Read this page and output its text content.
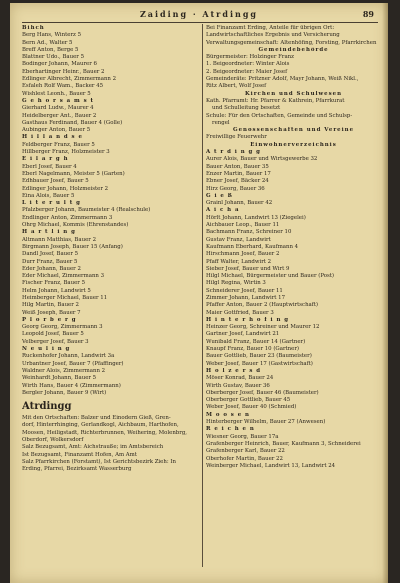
Zaiding · Atrdingg	89
Bihch
Berg Hans, Winterz 5
Bern Ad., Walter 5
Breff Anton, Berge 5
Blattner Udo., Bauer 5
Bodinger Johann, Maurer 6
Eberhartinger Heinr., Bauer 2
Edlinger Albrecht, Zimmermann 2
Esfaleh Rolf Wam., Backer 45
Wishlest Leonh., Bauer 5
G e h o r s a m s t
Gierhard Ludw., Maurer 4
Heidelberger Ant., Bauer 2
Gasthaus Ferdinand, Bauer 4 (Golle)
Aubinger Anton, Bauer 5
H i l l a n d s e
Feldberger Franz, Bauer 5
Hillberger Franz, Holzmeister 3
E i l a r g h
Eberl Josef, Bauer 4
Eberl Nagelmann, Meister 5 (Garten)
Edhbauer Josef, Bauer 5
Edlinger Johann, Holzmeister 2
Eina Alois, Bauer 5
L i t e r u l t g
Pfalzberger Johann, Baumeister 4 (Realschule)
Endlinger Anton, Zimmermann 3
Ohrg Michael, Kommis (Ehrenstandes)
H a r t l i n g
Altmann Matthias, Bauer 2
Birgmann Joseph, Bauer 15 (Anfang)
Dandl Josef, Bauer 5
Durr Franz, Bauer 5
Eder Johann, Bauer 2
Eder Michael, Zimmermann 3
Fischer Franz, Bauer 5
Helm Johann, Landwirt 5
Heimberger Michael, Bauer 11
Hilg Martin, Bauer 2
Weiß Joseph, Bauer 7
P l o r b e r g
Georg Georg, Zimmermann 3
Leopold Josef, Bauer 5
Velberger Josef, Bauer 3
N e u l i n g
Ruckenhofer Johann, Landwirt 3a
Urbantner Josef, Bauer 7 (Pfaffinger)
Waldner Alois, Zimmermann 2
Weinhardt Johann, Bauer 5
Wirth Hans, Bauer 4 (Zimmermann)
Bergler Johann, Bauer 9 (Wirt)
Atrdingg
Mit den Ortschaften: Balzer und Einodern Gieß, Gren-
dorf, Hinterrhinging, Gerlandkogl, Aichbaum, Harthofen,
Moosen, Heiligstadt, Richterbrunnen, Weihering, Molenbrg,
Oberdorf, Wolkersdorf
Salz Bezugsamt, Amt: Aichstrauße; im Amtsbereich
Ist Bezugsamt, Finanzamt Hofen, Am Amt
Salz Pfarrkirchen (Forstamt), Ist Gerichtsbezirk Zieh: In
Erding, Pfarrei, Bezirksamt Wasserburg
Bei Finanzamt Erding, Anteile für übrigen Ort:
Landwirtschaftliches Ergebnis und Versicherung
Verwaltungsgemeinschaft: Altenhöfing, Forsting, Pfarrkirchen
Gemeindebehörde
Bürgermeister: Holzinger Franz
1. Beigeordneter: Winter Alois
2. Beigeordneter: Maier Josef
Gemeinderäte: Pritzner Adolf, Mayr Johann, Weiß Nikl.,
Ritz Albert, Wolf Josef
Kirchen und Schulwesen
Kath. Pfarramt: Hr. Pfarrer & Kathrein, Pfarrkurat
und Schulleitung besetzt
Schule: Für den Ortschaften, Gemeinde und Schulsp-
rengel
Genossenschaften und Vereine
Freiwillige Feuerwehr
Einwohnerverzeichnis
A t r d i n g g
Aurer Alois, Bauer und Wirtsgewerbe 32
Bauer Anton, Bauer 35
Enzer Martin, Bauer 17
Ebner Josef, Bäcker 24
Hirz Georg, Bauer 36
G i e ß
Grainl Johann, Bauer 42
A i c h a
Hörlt Johann, Landwirt 13 (Ziegelei)
Aichbauer Leop., Bauer 11
Bachmann Franz, Schreiner 10
Gustav Franz, Landwirt
Kaufmann Eberhard, Kaufmann 4
Hirschmann Josef, Bauer 2
Pfaff Walter, Landwirt 2
Sieber Josef, Bauer und Wirt 9
Hilgl Michael, Bürgermeister und Bauer (Post)
Hilgl Regina, Wirtin 3
Schneiderer Josef, Bauer 11
Zimmer Johann, Landwirt 17
Pfaffer Anton, Bauer 2 (Hauptwirtschaft)
Maier Gottfried, Bauer 3
H i n t e r h o f i n g
Heinzer Georg, Schreiner und Maurer 12
Gartner Josef, Landwirt 21
Wunibald Franz, Bauer 14 (Gartner)
Knaupf Franz, Bauer 10 (Gartner)
Bauer Gottlieb, Bauer 23 (Baumeister)
Weber Josef, Bauer 17 (Gastwirtschaft)
H o l z e r s d
Möser Konrad, Bauer 24
Wirth Gustav, Bauer 36
Oberberger Josef, Bauer 46 (Baumeister)
Oberberger Gottlieb, Bauer 45
Weber Josef, Bauer 40 (Schmied)
M o o s e n
Hinterberger Wilhelm, Bauer 27 (Anwesen)
R e i c h e n
Wiesner Georg, Bauer 17a
Grafenberger Heinrich, Bauer, Kaufmann 3, Schneiderei
Grafenberger Karl, Bauer 22
Oberhofer Martin, Bauer 22
Weinberger Michael, Landwirt 13, Landwirt 24
